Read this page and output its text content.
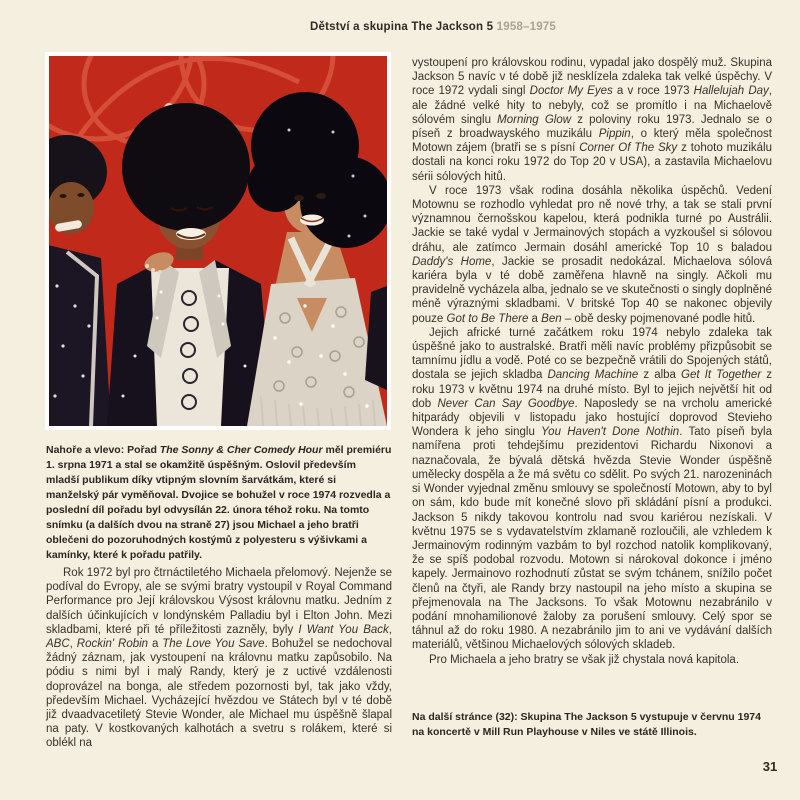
Dětství a skupina The Jackson 5 1958–1975
Nahoře a vlevo: Pořad The Sonny & Cher Comedy Hour měl premiéru 1. srpna 1971 a stal se okamžitě úspěšným. Oslovil především mladší publikum díky vtipným slovním šarvátkám, které si manželský pár vyměňoval. Dvojice se bohužel v roce 1974 rozvedla a poslední díl pořadu byl odvysílán 22. února téhož roku. Na tomto snímku (a dalších dvou na straně 27) jsou Michael a jeho bratři oblečeni do pozoruhodných kostýmů z polyesteru s výšivkami a kamínky, které k pořadu patřily.

Rok 1972 byl pro čtrnáctiletého Michaela přelomový. Nejenže se podíval do Evropy, ale se svými bratry vystoupil v Royal Command Performance pro Její královskou Výsost královnu matku. Jedním z dalších účinkujících v londýnském Palladiu byl i Elton John. Mezi skladbami, které při té příležitosti zazněly, byly I Want You Back, ABC, Rockin' Robin a The Love You Save. Bohužel se nedochoval žádný záznam, jak vystoupení na královnu matku zapůsobilo. Na pódiu s nimi byl i malý Randy, který je z uctivé vzdálenosti doprovázel na bonga, ale středem pozornosti byl, tak jako vždy, především Michael. Vycházející hvězdou ve Státech byl v té době již dvaadvacetiletý Stevie Wonder, ale Michael mu úspěšně šlapal na paty. V kostkovaných kalhotách a svetru s rolákem, které si oblékl na

vystoupení pro královskou rodinu, vypadal jako dospělý muž. Skupina Jackson 5 navíc v té době již nesklízela zdaleka tak velké úspěchy. V roce 1972 vydali singl Doctor My Eyes a v roce 1973 Hallelujah Day, ale žádné velké hity to nebyly, což se promítlo i na Michaelově sólovém singlu Morning Glow z poloviny roku 1973. Jednalo se o píseň z broadwayského muzikálu Pippin, o který měla společnost Motown zájem (bratři se s písní Corner Of The Sky z tohoto muzikálu dostali na konci roku 1972 do Top 20 v USA), a zastavila Michaelovu sérii sólových hitů.

V roce 1973 však rodina dosáhla několika úspěchů. Vedení Motownu se rozhodlo vyhledat pro ně nové trhy, a tak se stali první významnou černošskou kapelou, která podnikla turné po Austrálii. Jackie se také vydal v Jermainových stopách a vyzkoušel si sólovou dráhu, ale zatímco Jermain dosáhl americké Top 10 s baladou Daddy's Home, Jackie se prosadit nedokázal. Michaelova sólová kariéra byla v té době zaměřena hlavně na singly. Ačkoli mu pravidelně vycházela alba, jednalo se ve skutečnosti o singly doplněné méně výraznými skladbami. V britské Top 40 se nakonec objevily pouze Got to Be There a Ben – obě desky pojmenované podle hitů.

Jejich africké turné začátkem roku 1974 nebylo zdaleka tak úspěšné jako to australské. Bratři měli navíc problémy přizpůsobit se tamnímu jídlu a vodě. Poté co se bezpečně vrátili do Spojených států, dostala se jejich skladba Dancing Machine z alba Get It Together z roku 1973 v květnu 1974 na druhé místo. Byl to jejich největší hit od dob Never Can Say Goodbye. Naposledy se na vrcholu americké hitparády objevili v listopadu jako hostující doprovod Stevieho Wondera k jeho singlu You Haven't Done Nothin. Tato píseň byla namířena proti tehdejšímu prezidentovi Richardu Nixonovi a naznačovala, že bývalá dětská hvězda Stevie Wonder úspěšně umělecky dospěla a že má světu co sdělit. Po svých 21. narozeninách si Wonder vyjednal změnu smlouvy se společností Motown, aby to byl on sám, kdo bude mít konečné slovo při skládání písní a produkci. Jackson 5 nikdy takovou kontrolu nad svou kariérou nezískali. V květnu 1975 se s vydavatelstvím zklamaně rozloučili, ale vzhledem k Jermainovým rodinným vazbám to byl rozchod natolik komplikovaný, že se spíš podobal rozvodu. Motown si nárokoval dokonce i jméno kapely. Jermainovo rozhodnutí zůstat se svým tchánem, snížilo počet členů na čtyři, ale Randy brzy nastoupil na jeho místo a skupina se přejmenovala na The Jacksons. To však Motownu nezabránilo v podání mnohamilionové žaloby za porušení smlouvy. Celý spor se táhnul až do roku 1980. A nezabránilo jim to ani ve vydávání dalších materiálů, většinou Michaelových sólových skladeb.

Pro Michaela a jeho bratry se však již chystala nová kapitola.

Na další stránce (32): Skupina The Jackson 5 vystupuje v červnu 1974 na koncertě v Mill Run Playhouse v Niles ve státě Illinois.
31
